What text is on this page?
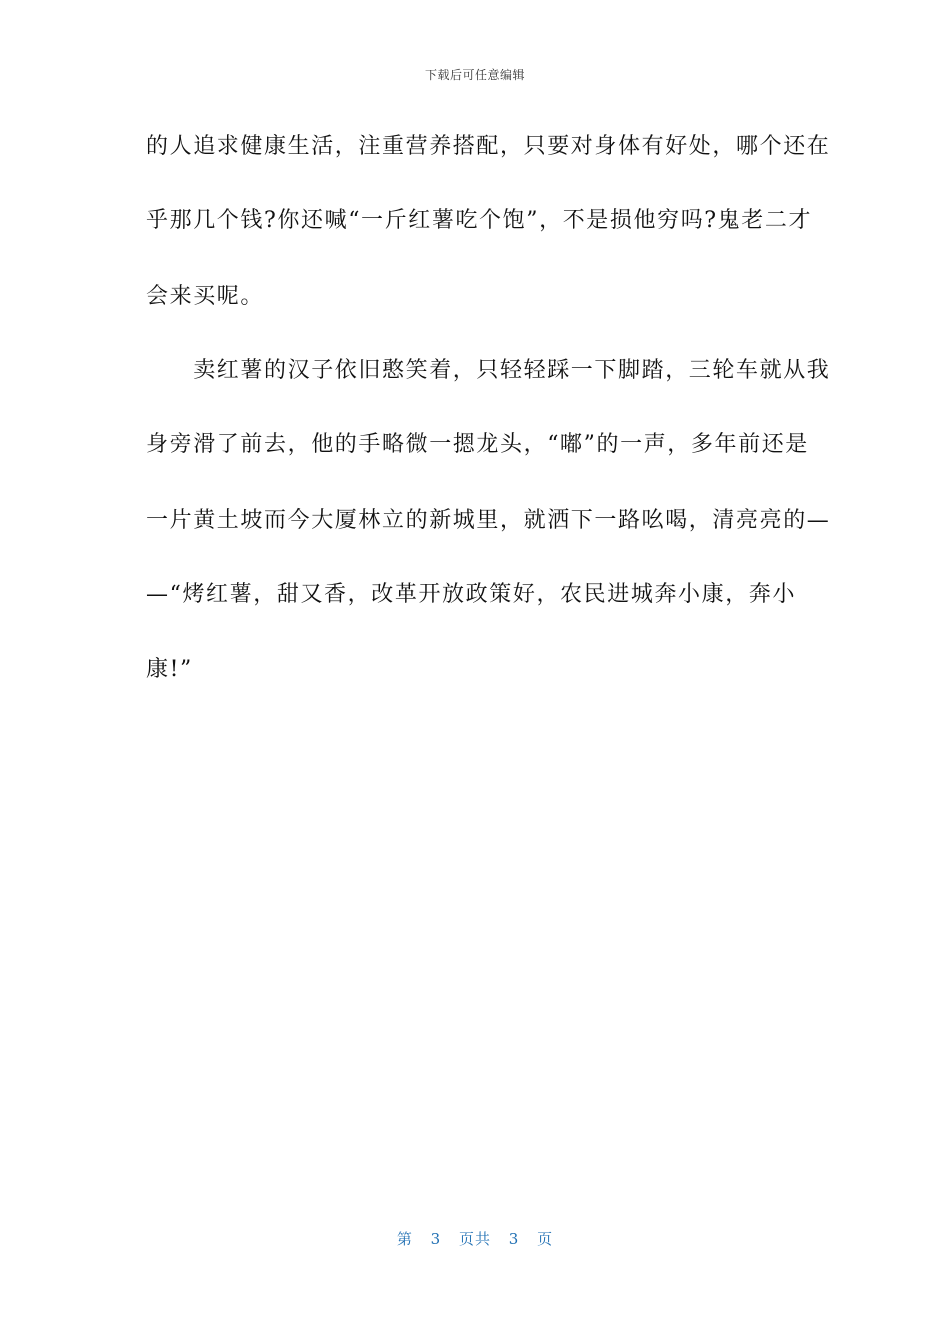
下载后可任意编辑
的人追求健康生活，注重营养搭配，只要对身体有好处，哪个还在
乎那几个钱?你还喊“一斤红薯吃个饱”，不是损他穷吗?鬼老二才
会来买呢。
　　卖红薯的汉子依旧憨笑着，只轻轻踩一下脚踏，三轮车就从我
身旁滑了前去，他的手略微一摁龙头，“嘟”的一声，多年前还是
一片黄土坡而今大厦林立的新城里，就洒下一路吆喝，清亮亮的—
—“烤红薯，甜又香，改革开放政策好，农民进城奔小康，奔小
康!”
第 3 页共 3 页
